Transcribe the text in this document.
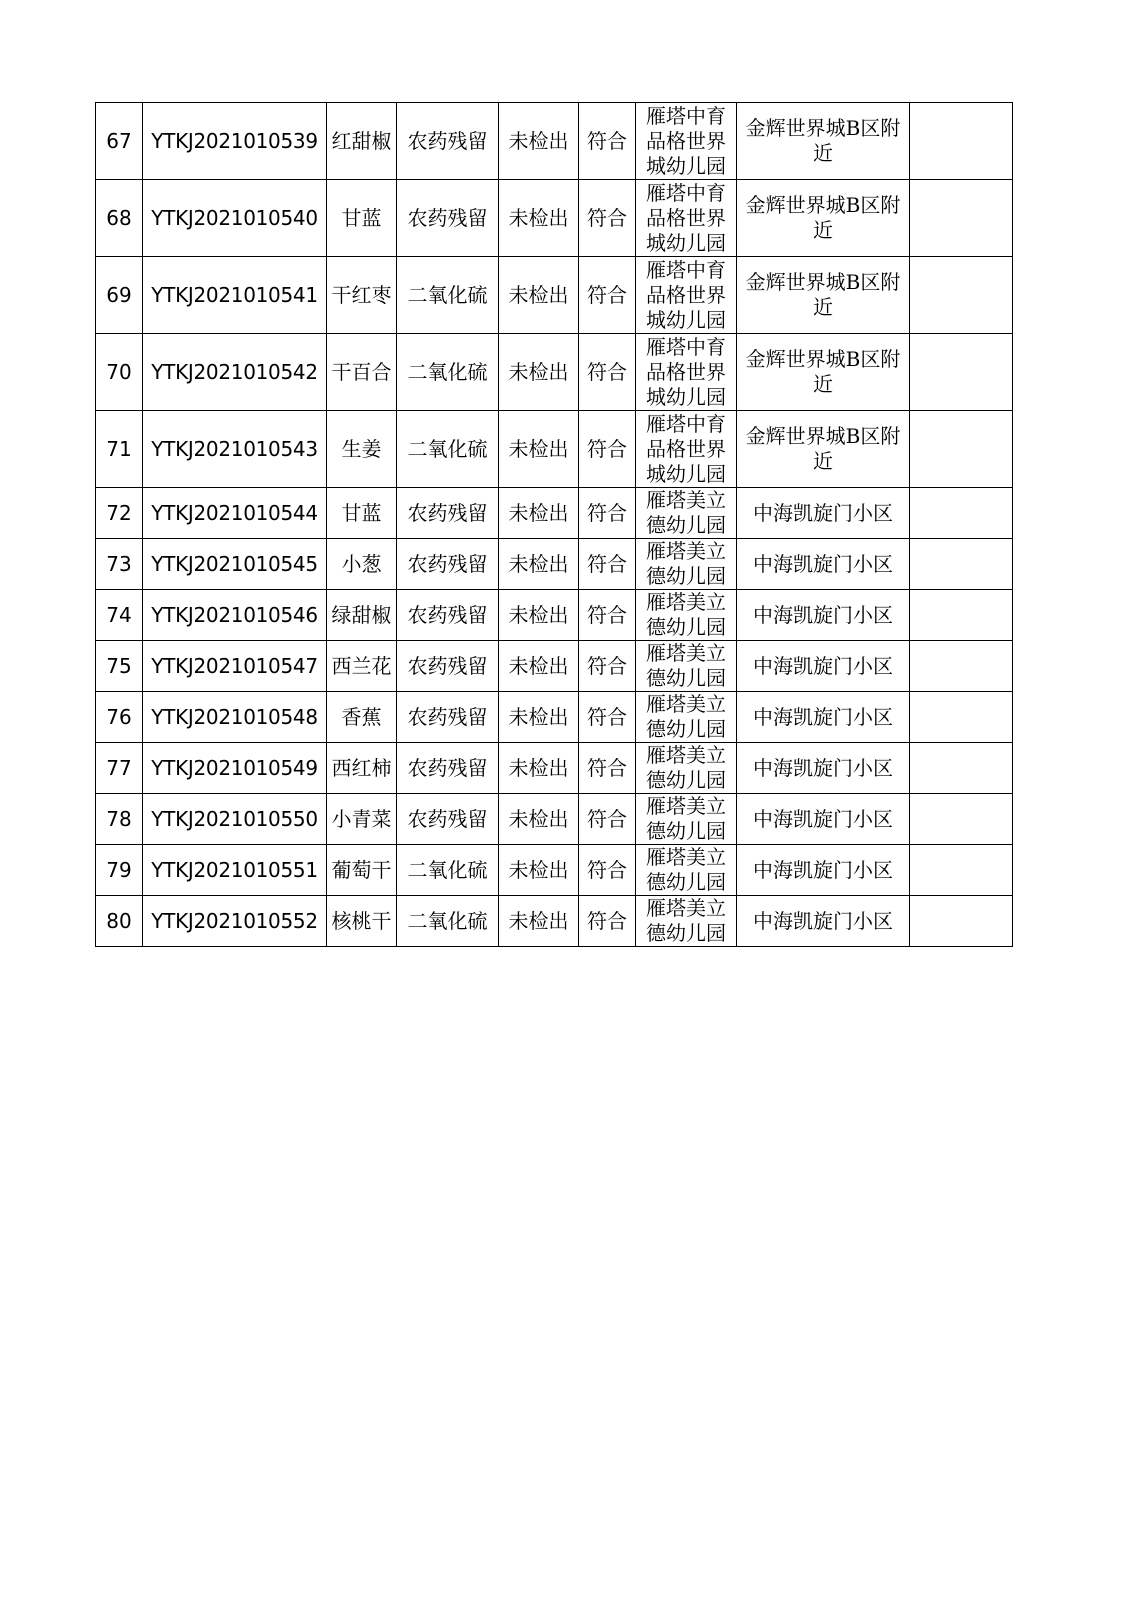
67	YTKJ2021010539	红甜椒	农药残留	未检出	符合	雁塔中育品格世界城幼儿园	金辉世界城B区附近	
68	YTKJ2021010540	甘蓝	农药残留	未检出	符合	雁塔中育品格世界城幼儿园	金辉世界城B区附近	
69	YTKJ2021010541	干红枣	二氧化硫	未检出	符合	雁塔中育品格世界城幼儿园	金辉世界城B区附近	
70	YTKJ2021010542	干百合	二氧化硫	未检出	符合	雁塔中育品格世界城幼儿园	金辉世界城B区附近	
71	YTKJ2021010543	生姜	二氧化硫	未检出	符合	雁塔中育品格世界城幼儿园	金辉世界城B区附近	
72	YTKJ2021010544	甘蓝	农药残留	未检出	符合	雁塔美立德幼儿园	中海凯旋门小区	
73	YTKJ2021010545	小葱	农药残留	未检出	符合	雁塔美立德幼儿园	中海凯旋门小区	
74	YTKJ2021010546	绿甜椒	农药残留	未检出	符合	雁塔美立德幼儿园	中海凯旋门小区	
75	YTKJ2021010547	西兰花	农药残留	未检出	符合	雁塔美立德幼儿园	中海凯旋门小区	
76	YTKJ2021010548	香蕉	农药残留	未检出	符合	雁塔美立德幼儿园	中海凯旋门小区	
77	YTKJ2021010549	西红柿	农药残留	未检出	符合	雁塔美立德幼儿园	中海凯旋门小区	
78	YTKJ2021010550	小青菜	农药残留	未检出	符合	雁塔美立德幼儿园	中海凯旋门小区	
79	YTKJ2021010551	葡萄干	二氧化硫	未检出	符合	雁塔美立德幼儿园	中海凯旋门小区	
80	YTKJ2021010552	核桃干	二氧化硫	未检出	符合	雁塔美立德幼儿园	中海凯旋门小区	
